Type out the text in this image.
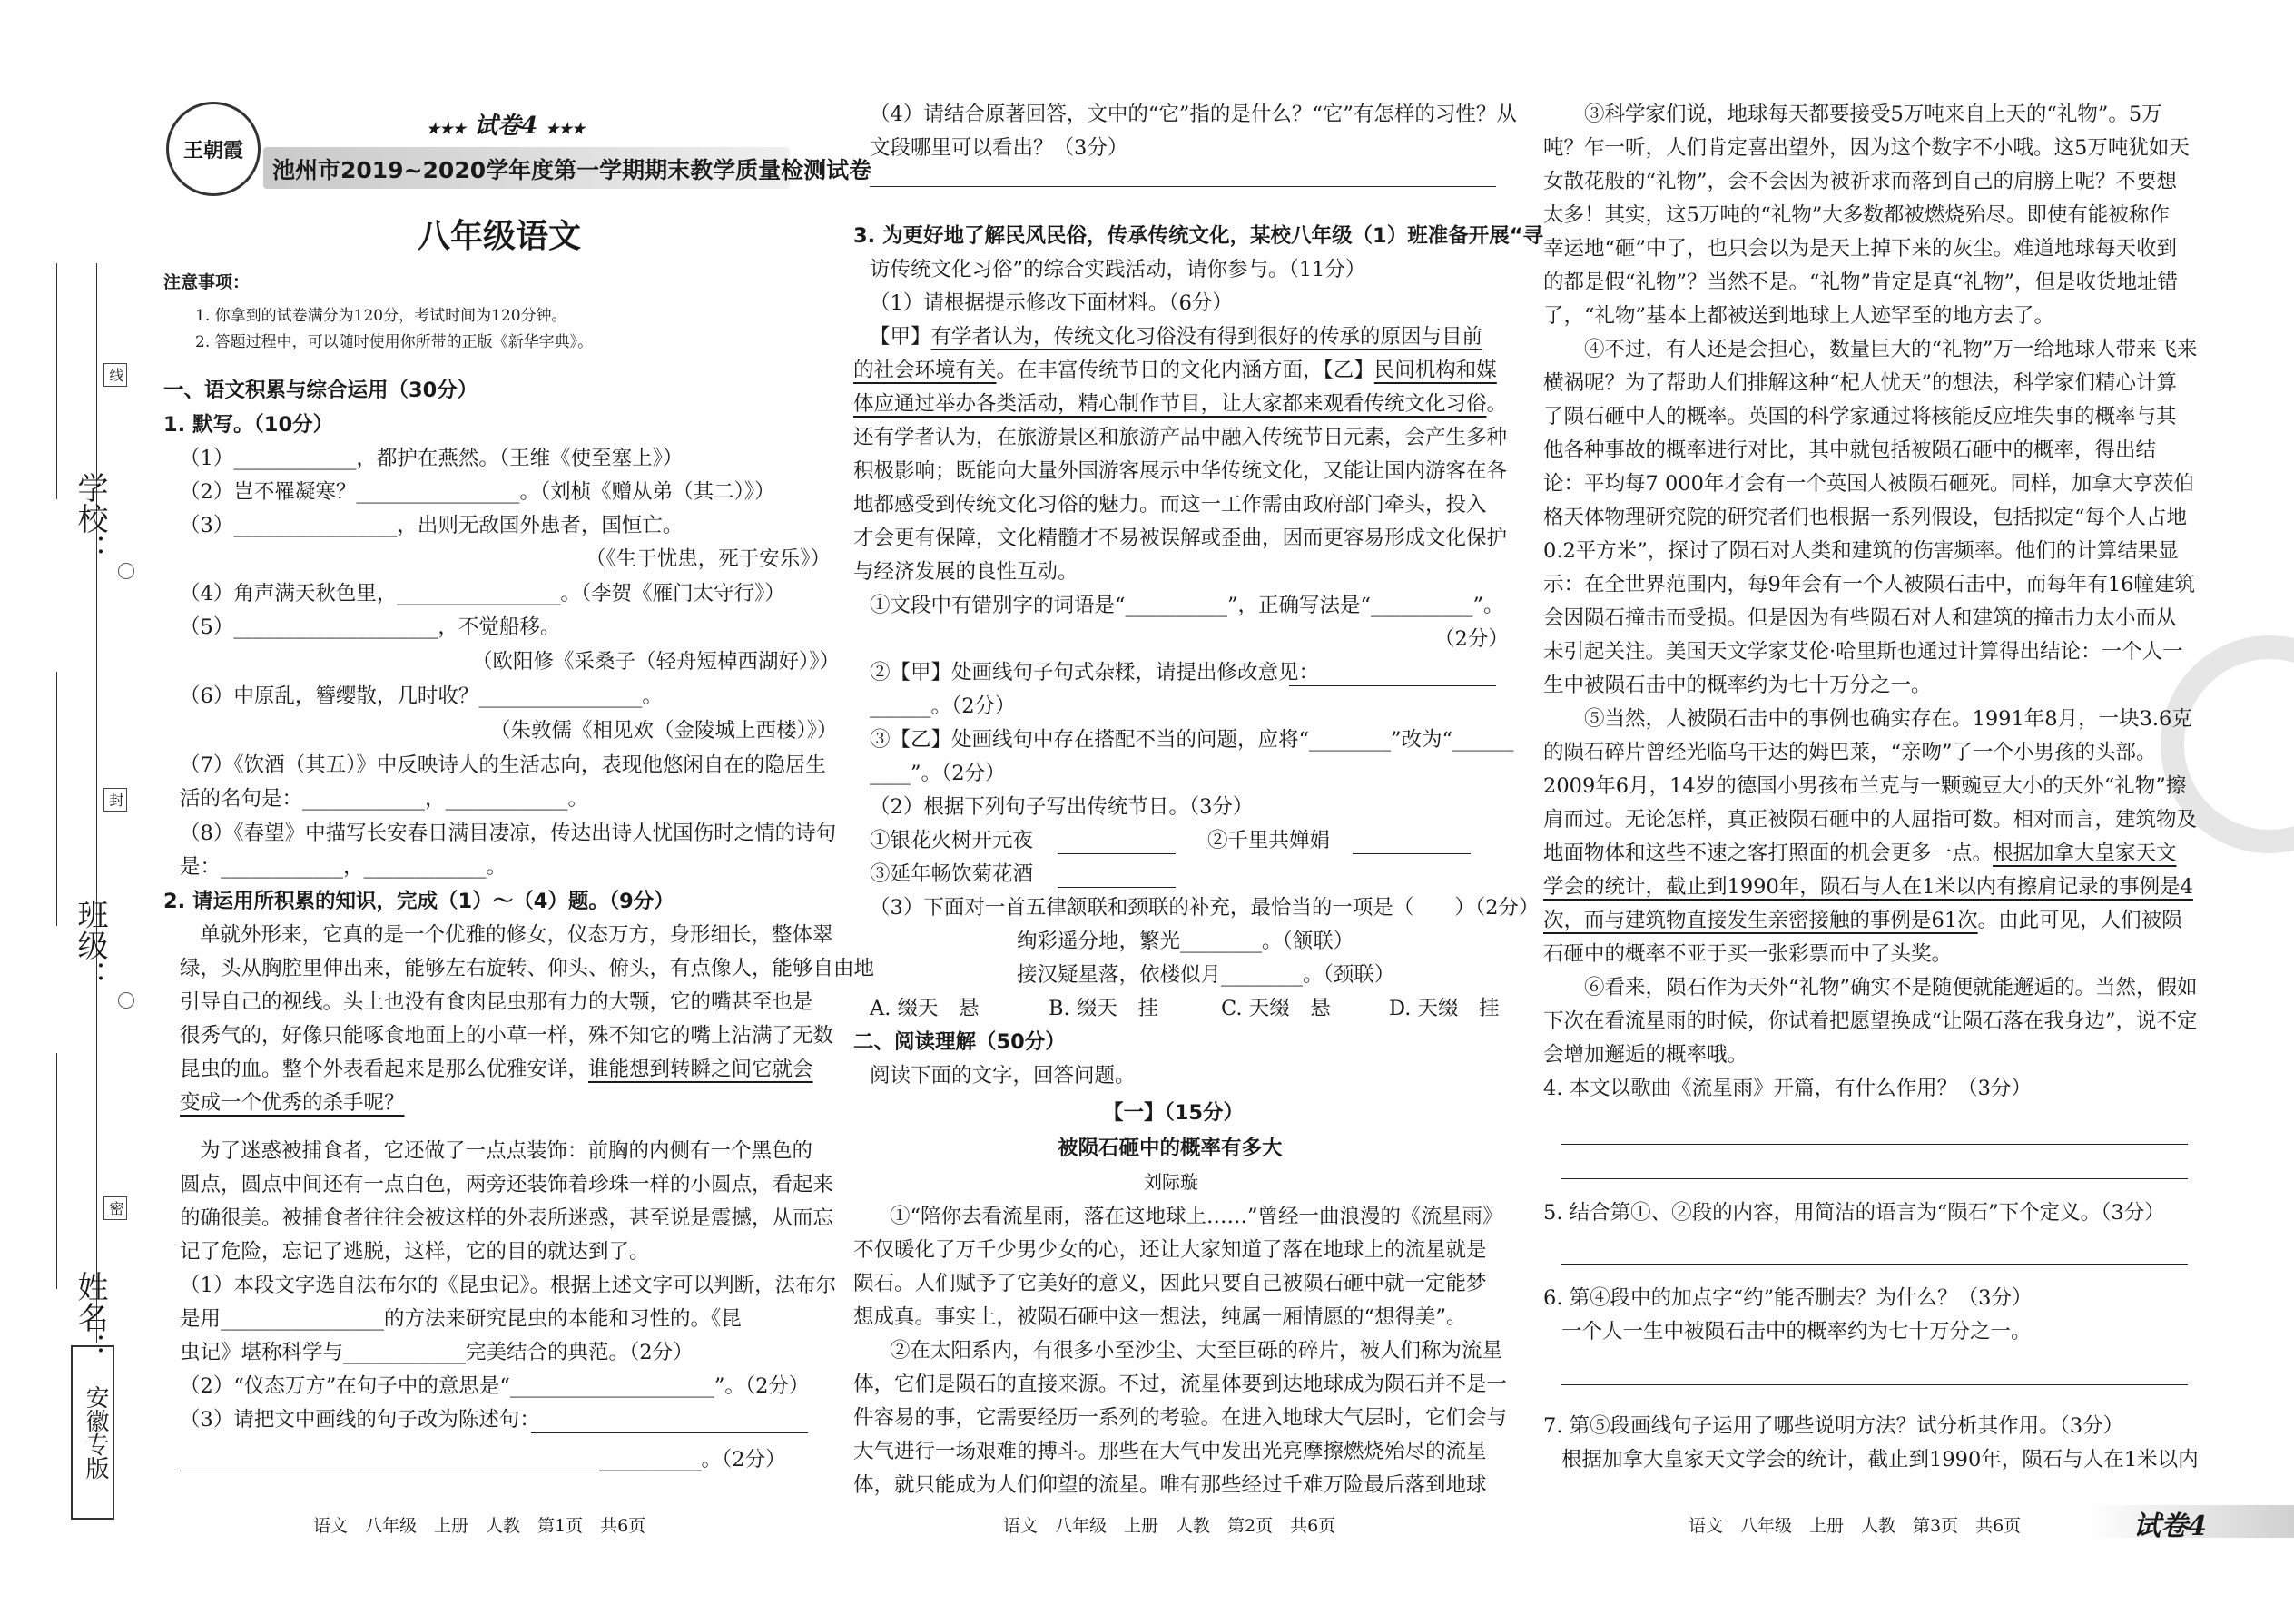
学校：
班级：
姓名：
线
封
密
安徽专版
王朝霞
★★★ 试卷4 ★★★
池州市2019~2020学年度第一学期期末教学质量检测试卷
八年级语文
注意事项：
1. 你拿到的试卷满分为120分，考试时间为120分钟。
2. 答题过程中，可以随时使用你所带的正版《新华字典》。
一、语文积累与综合运用（30分）
1. 默写。（10分）
（1）____________，都护在燕然。（王维《使至塞上》）
（2）岂不罹凝寒？________________。（刘桢《赠从弟（其二）》）
（3）________________，出则无敌国外患者，国恒亡。
（《生于忧患，死于安乐》）
（4）角声满天秋色里，________________。（李贺《雁门太守行》）
（5）____________________，不觉船移。
（欧阳修《采桑子（轻舟短棹西湖好）》）
（6）中原乱，簪缨散，几时收？________________。
（朱敦儒《相见欢（金陵城上西楼）》）
（7）《饮酒（其五）》中反映诗人的生活志向，表现他悠闲自在的隐居生
活的名句是：____________，____________。
（8）《春望》中描写长安春日满目凄凉，传达出诗人忧国伤时之情的诗句
是：____________，____________。
2. 请运用所积累的知识，完成（1）～（4）题。（9分）
单就外形来，它真的是一个优雅的修女，仪态万方，身形细长，整体翠
绿，头从胸腔里伸出来，能够左右旋转、仰头、俯头，有点像人，能够自由地
引导自己的视线。头上也没有食肉昆虫那有力的大颚，它的嘴甚至也是
很秀气的，好像只能啄食地面上的小草一样，殊不知它的嘴上沾满了无数
昆虫的血。整个外表看起来是那么优雅安详，谁能想到转瞬之间它就会
变成一个优秀的杀手呢？
为了迷惑被捕食者，它还做了一点点装饰：前胸的内侧有一个黑色的
圆点，圆点中间还有一点白色，两旁还装饰着珍珠一样的小圆点，看起来
的确很美。被捕食者往往会被这样的外表所迷惑，甚至说是震撼，从而忘
记了危险，忘记了逃脱，这样，它的目的就达到了。
（1）本段文字选自法布尔的《昆虫记》。根据上述文字可以判断，法布尔
是用________________的方法来研究昆虫的本能和习性的。《昆
虫记》堪称科学与____________完美结合的典范。（2分）
（2）“仪态万方”在句子中的意思是“____________________”。（2分）
（3）请把文中画线的句子改为陈述句：
__________。（2分）
语文　八年级　上册　人教　第1页　共6页
（4）请结合原著回答，文中的“它”指的是什么？“它”有怎样的习性？从
文段哪里可以看出？（3分）
3. 为更好地了解民风民俗，传承传统文化，某校八年级（1）班准备开展“寻
访传统文化习俗”的综合实践活动，请你参与。（11分）
（1）请根据提示修改下面材料。（6分）
【甲】有学者认为，传统文化习俗没有得到很好的传承的原因与目前
的社会环境有关。在丰富传统节日的文化内涵方面，【乙】民间机构和媒
体应通过举办各类活动，精心制作节目，让大家都来观看传统文化习俗。
还有学者认为，在旅游景区和旅游产品中融入传统节日元素，会产生多种
积极影响；既能向大量外国游客展示中华传统文化，又能让国内游客在各
地都感受到传统文化习俗的魅力。而这一工作需由政府部门牵头，投入
才会更有保障，文化精髓才不易被误解或歪曲，因而更容易形成文化保护
与经济发展的良性互动。
①文段中有错别字的词语是“__________”，正确写法是“__________”。
（2分）
②【甲】处画线句子句式杂糅，请提出修改意见：
______。（2分）
③【乙】处画线句中存在搭配不当的问题，应将“________”改为“______
____”。（2分）
（2）根据下列句子写出传统节日。（3分）
①银花火树开元夜	②千里共婵娟
③延年畅饮菊花酒
（3）下面对一首五律颔联和颈联的补充，最恰当的一项是（　　）（2分）
绚彩遥分地，繁光________。（颔联）
接汉疑星落，依楼似月________。（颈联）
A. 缀天　悬	B. 缀天　挂	C. 天缀　悬	D. 天缀　挂
二、阅读理解（50分）
阅读下面的文字，回答问题。
【一】（15分）
被陨石砸中的概率有多大
刘际璇
①“陪你去看流星雨，落在这地球上……”曾经一曲浪漫的《流星雨》
不仅暖化了万千少男少女的心，还让大家知道了落在地球上的流星就是
陨石。人们赋予了它美好的意义，因此只要自己被陨石砸中就一定能梦
想成真。事实上，被陨石砸中这一想法，纯属一厢情愿的“想得美”。
②在太阳系内，有很多小至沙尘、大至巨砾的碎片，被人们称为流星
体，它们是陨石的直接来源。不过，流星体要到达地球成为陨石并不是一
件容易的事，它需要经历一系列的考验。在进入地球大气层时，它们会与
大气进行一场艰难的搏斗。那些在大气中发出光亮摩擦燃烧殆尽的流星
体，就只能成为人们仰望的流星。唯有那些经过千难万险最后落到地球
语文　八年级　上册　人教　第2页　共6页
③科学家们说，地球每天都要接受5万吨来自上天的“礼物”。5万
吨？乍一听，人们肯定喜出望外，因为这个数字不小哦。这5万吨犹如天
女散花般的“礼物”，会不会因为被祈求而落到自己的肩膀上呢？不要想
太多！其实，这5万吨的“礼物”大多数都被燃烧殆尽。即使有能被称作
幸运地“砸”中了，也只会以为是天上掉下来的灰尘。难道地球每天收到
的都是假“礼物”？当然不是。“礼物”肯定是真“礼物”，但是收货地址错
了，“礼物”基本上都被送到地球上人迹罕至的地方去了。
④不过，有人还是会担心，数量巨大的“礼物”万一给地球人带来飞来
横祸呢？为了帮助人们排解这种“杞人忧天”的想法，科学家们精心计算
了陨石砸中人的概率。英国的科学家通过将核能反应堆失事的概率与其
他各种事故的概率进行对比，其中就包括被陨石砸中的概率，得出结
论：平均每7 000年才会有一个英国人被陨石砸死。同样，加拿大亨茨伯
格天体物理研究院的研究者们也根据一系列假设，包括拟定“每个人占地
0.2平方米”，探讨了陨石对人类和建筑的伤害频率。他们的计算结果显
示：在全世界范围内，每9年会有一个人被陨石击中，而每年有16幢建筑
会因陨石撞击而受损。但是因为有些陨石对人和建筑的撞击力太小而从
未引起关注。美国天文学家艾伦·哈里斯也通过计算得出结论：一个人一
生中被陨石击中的概率约为七十万分之一。
⑤当然，人被陨石击中的事例也确实存在。1991年8月，一块3.6克
的陨石碎片曾经光临乌干达的姆巴莱，“亲吻”了一个小男孩的头部。
2009年6月，14岁的德国小男孩布兰克与一颗豌豆大小的天外“礼物”擦
肩而过。无论怎样，真正被陨石砸中的人屈指可数。相对而言，建筑物及
地面物体和这些不速之客打照面的机会更多一点。根据加拿大皇家天文
学会的统计，截止到1990年，陨石与人在1米以内有擦肩记录的事例是4
次，而与建筑物直接发生亲密接触的事例是61次。由此可见，人们被陨
石砸中的概率不亚于买一张彩票而中了头奖。
⑥看来，陨石作为天外“礼物”确实不是随便就能邂逅的。当然，假如
下次在看流星雨的时候，你试着把愿望换成“让陨石落在我身边”，说不定
会增加邂逅的概率哦。
4. 本文以歌曲《流星雨》开篇，有什么作用？（3分）
5. 结合第①、②段的内容，用简洁的语言为“陨石”下个定义。（3分）
6. 第④段中的加点字“约”能否删去？为什么？（3分）
一个人一生中被陨石击中的概率约为七十万分之一。
7. 第⑤段画线句子运用了哪些说明方法？试分析其作用。（3分）
根据加拿大皇家天文学会的统计，截止到1990年，陨石与人在1米以内
语文　八年级　上册　人教　第3页　共6页	试卷4
